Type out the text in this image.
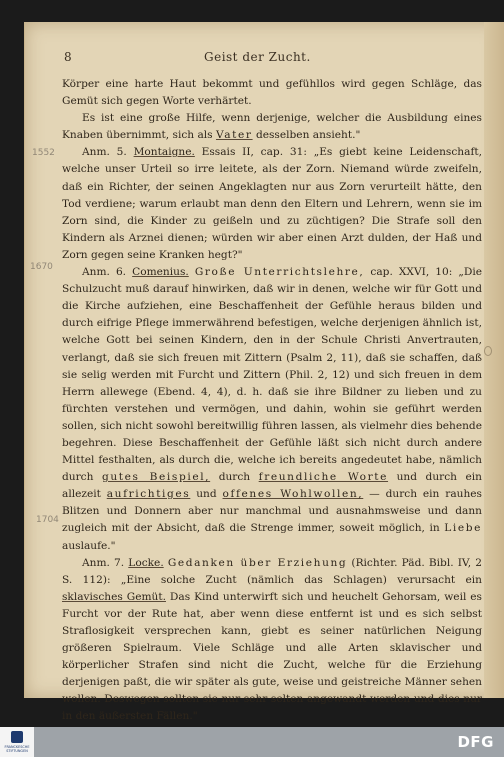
8	Geist der Zucht.
1552
1670
1704

Körper eine harte Haut bekommt und gefühllos wird gegen Schläge, das Gemüt sich gegen Worte verhärtet.

Es ist eine große Hilfe, wenn derjenige, welcher die Ausbildung eines Knaben übernimmt, sich als Vater desselben ansieht."

Anm. 5. Montaigne. Essais II, cap. 31: „Es giebt keine Leidenschaft, welche unser Urteil so irre leitete, als der Zorn. Niemand würde zweifeln, daß ein Richter, der seinen Angeklagten nur aus Zorn verurteilt hätte, den Tod verdiene; warum erlaubt man denn den Eltern und Lehrern, wenn sie im Zorn sind, die Kinder zu geißeln und zu züchtigen? Die Strafe soll den Kindern als Arznei dienen; würden wir aber einen Arzt dulden, der Haß und Zorn gegen seine Kranken hegt?"

Anm. 6. Comenius. Große Unterrichtslehre, cap. XXVI, 10: „Die Schulzucht muß darauf hinwirken, daß wir in denen, welche wir für Gott und die Kirche aufziehen, eine Beschaffenheit der Gefühle heraus bilden und durch eifrige Pflege immerwährend befestigen, welche derjenigen ähnlich ist, welche Gott bei seinen Kindern, den in der Schule Christi Anvertrauten, verlangt, daß sie sich freuen mit Zittern (Psalm 2, 11), daß sie schaffen, daß sie selig werden mit Furcht und Zittern (Phil. 2, 12) und sich freuen in dem Herrn allewege (Ebend. 4, 4), d. h. daß sie ihre Bildner zu lieben und zu fürchten verstehen und vermögen, und dahin, wohin sie geführt werden sollen, sich nicht sowohl bereitwillig führen lassen, als vielmehr dies behende begehren. Diese Beschaffenheit der Gefühle läßt sich nicht durch andere Mittel festhalten, als durch die, welche ich bereits angedeutet habe, nämlich durch gutes Beispiel, durch freundliche Worte und durch ein allezeit aufrichtiges und offenes Wohlwollen, — durch ein rauhes Blitzen und Donnern aber nur manchmal und ausnahmsweise und dann zugleich mit der Absicht, daß die Strenge immer, soweit möglich, in Liebe auslaufe."

Anm. 7. Locke. Gedanken über Erziehung (Richter. Päd. Bibl. IV, 2 S. 112): „Eine solche Zucht (nämlich das Schlagen) verursacht ein sklavisches Gemüt. Das Kind unterwirft sich und heuchelt Gehorsam, weil es Furcht vor der Rute hat, aber wenn diese entfernt ist und es sich selbst Straflosigkeit versprechen kann, giebt es seiner natürlichen Neigung größeren Spielraum. Viele Schläge und alle Arten sklavischer und körperlicher Strafen sind nicht die Zucht, welche für die Erziehung derjenigen paßt, die wir später als gute, weise und geistreiche Männer sehen wollen. Deswegen sollten sie nur sehr selten angewandt werden und dies nur in den äußersten Fällen."

FRANCKESCHE STIFTUNGEN	DFG
